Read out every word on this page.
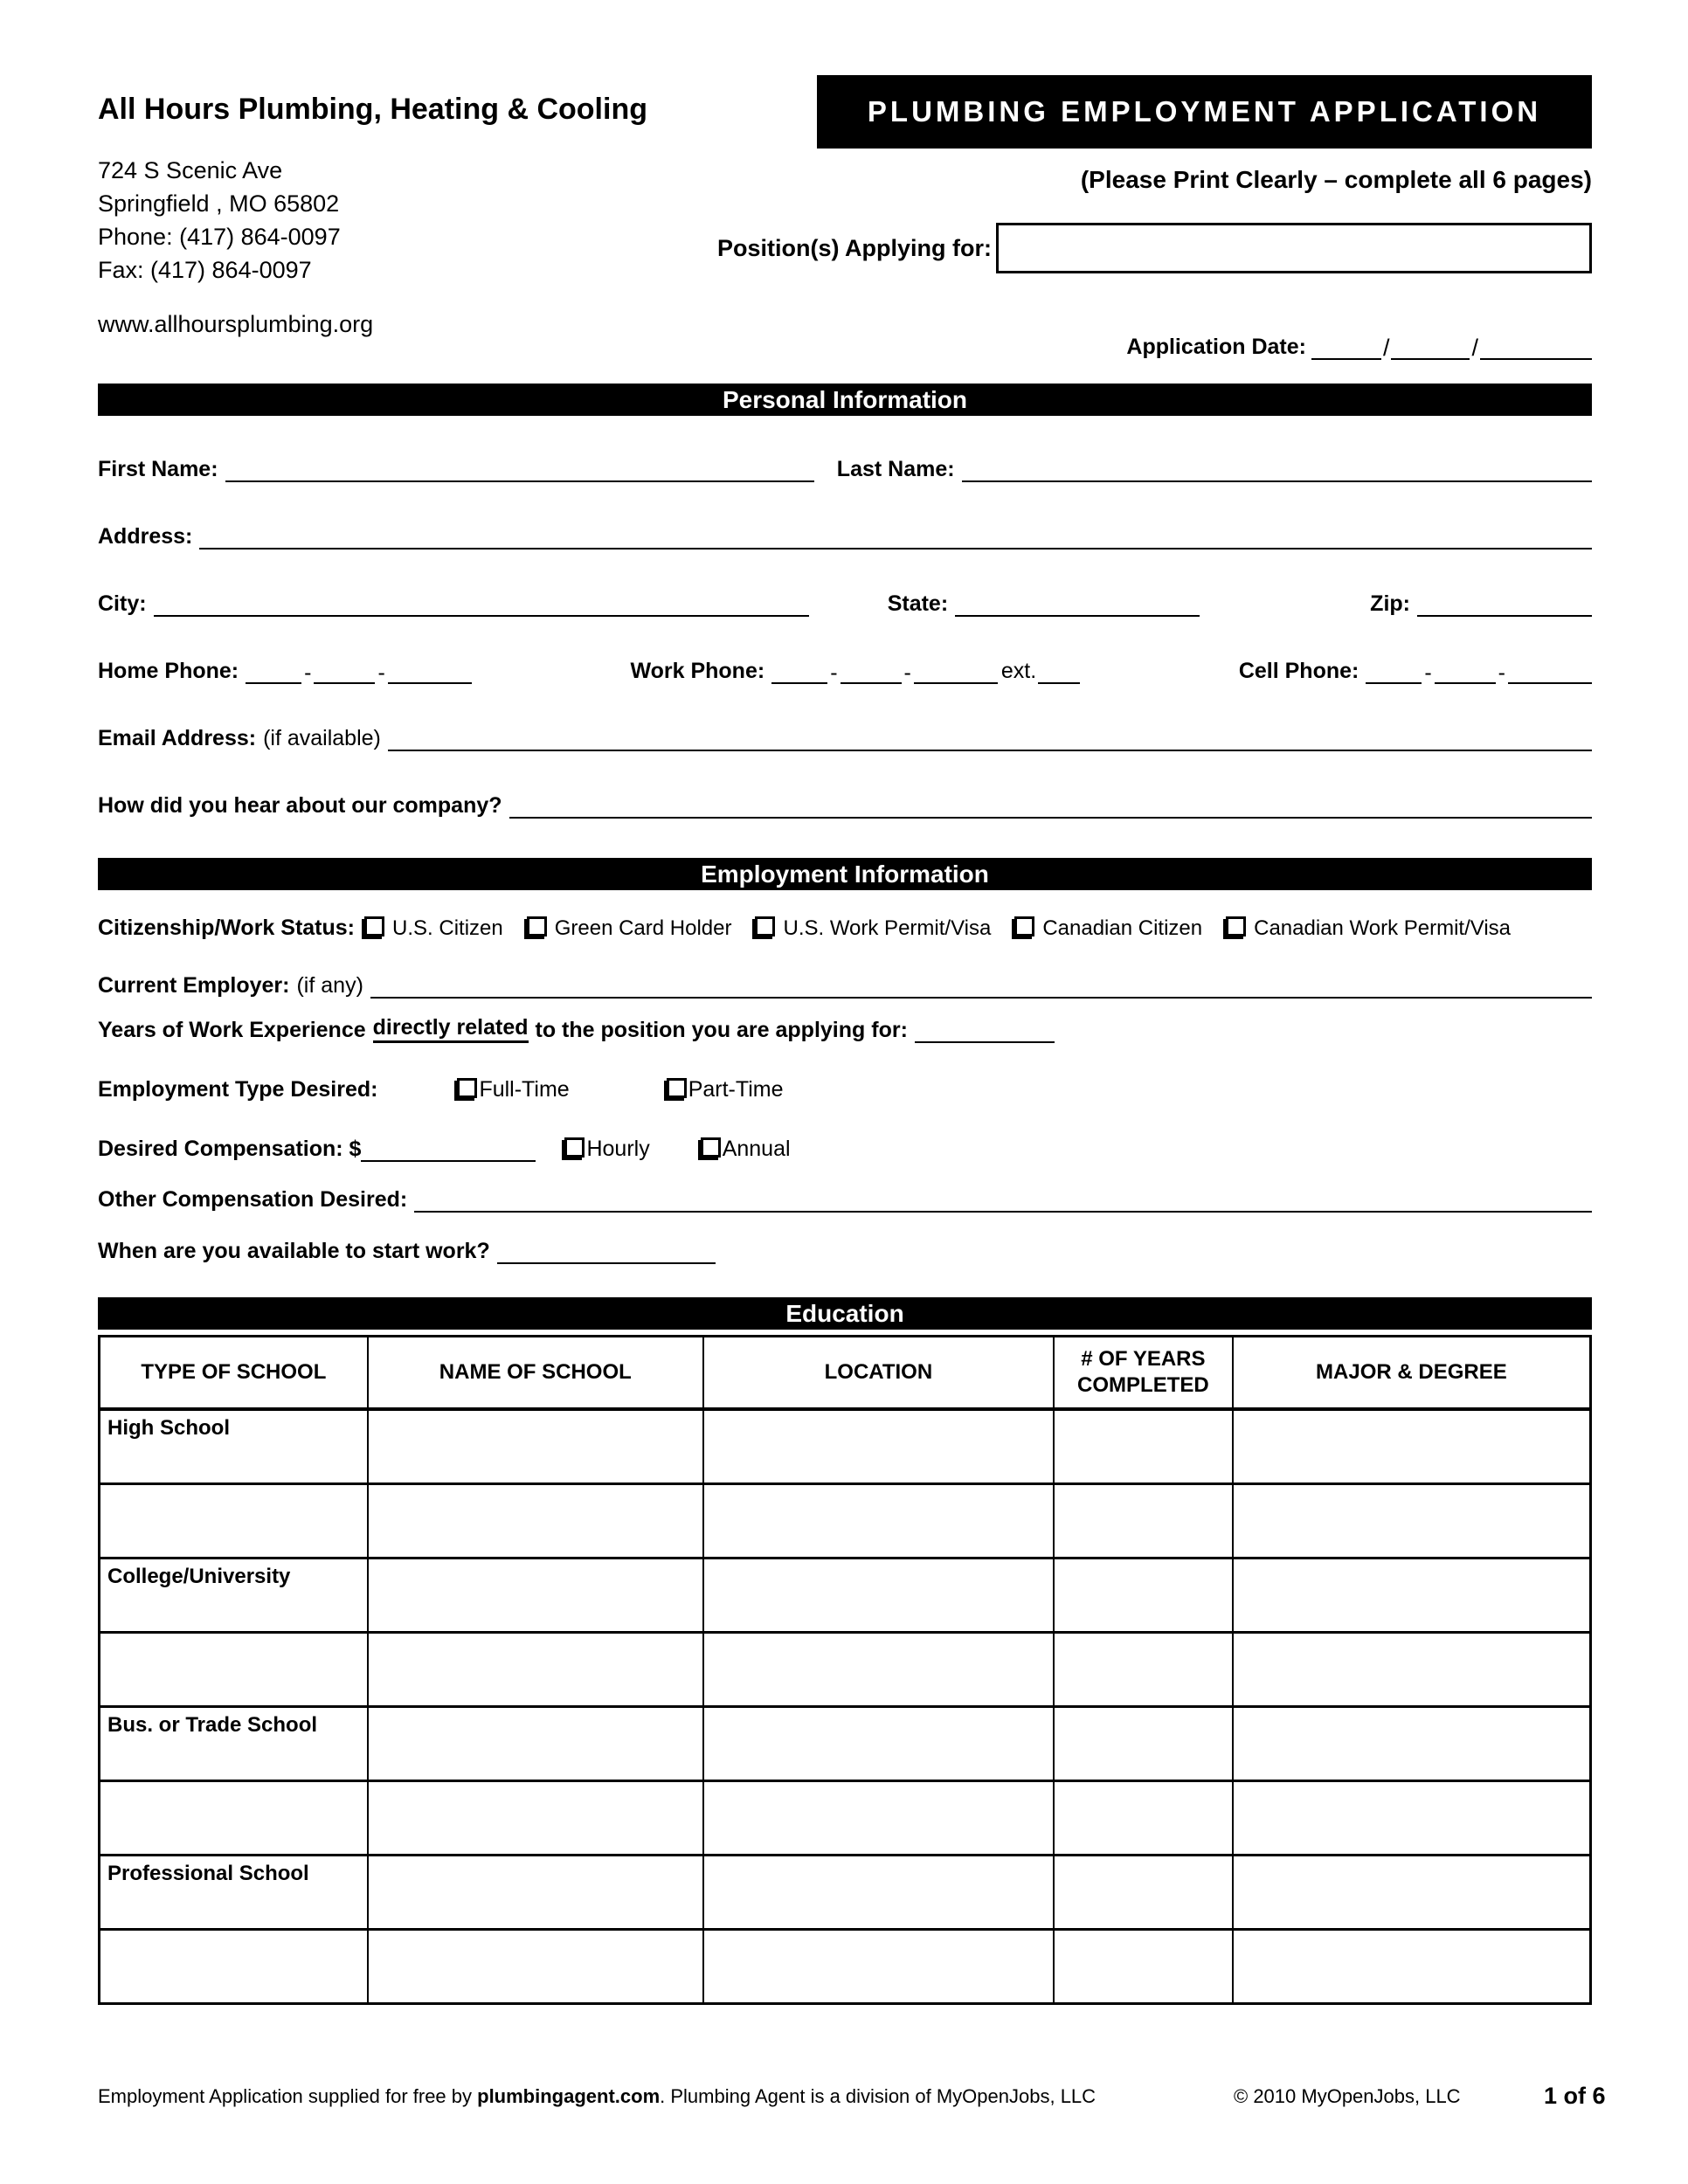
All Hours Plumbing, Heating & Cooling	PLUMBING EMPLOYMENT APPLICATION
724 S Scenic Ave
Springfield , MO 65802
Phone: (417) 864-0097
Fax: (417) 864-0097
www.allhoursplumbing.org
(Please Print Clearly – complete all 6 pages)
Position(s) Applying for:
Application Date:	/	/
Personal Information
First Name:	Last Name:
Address:
City:	State:	Zip:
Home Phone:	-	-	Work Phone:	-	-	ext.	Cell Phone:	-	-
Email Address: (if available)
How did you hear about our company?
Employment Information
Citizenship/Work Status: U.S. Citizen Green Card Holder U.S. Work Permit/Visa Canadian Citizen Canadian Work Permit/Visa
Current Employer: (if any)
Years of Work Experience directly related to the position you are applying for:
Employment Type Desired:	Full-Time	Part-Time
Desired Compensation: $	Hourly	Annual
Other Compensation Desired:
When are you available to start work?
Education
TYPE OF SCHOOL	NAME OF SCHOOL	LOCATION	# OF YEARS COMPLETED	MAJOR & DEGREE
High School				

College/University				

Bus. or Trade School				

Professional School				

Employment Application supplied for free by plumbingagent.com. Plumbing Agent is a division of MyOpenJobs, LLC	© 2010 MyOpenJobs, LLC	1 of 6
